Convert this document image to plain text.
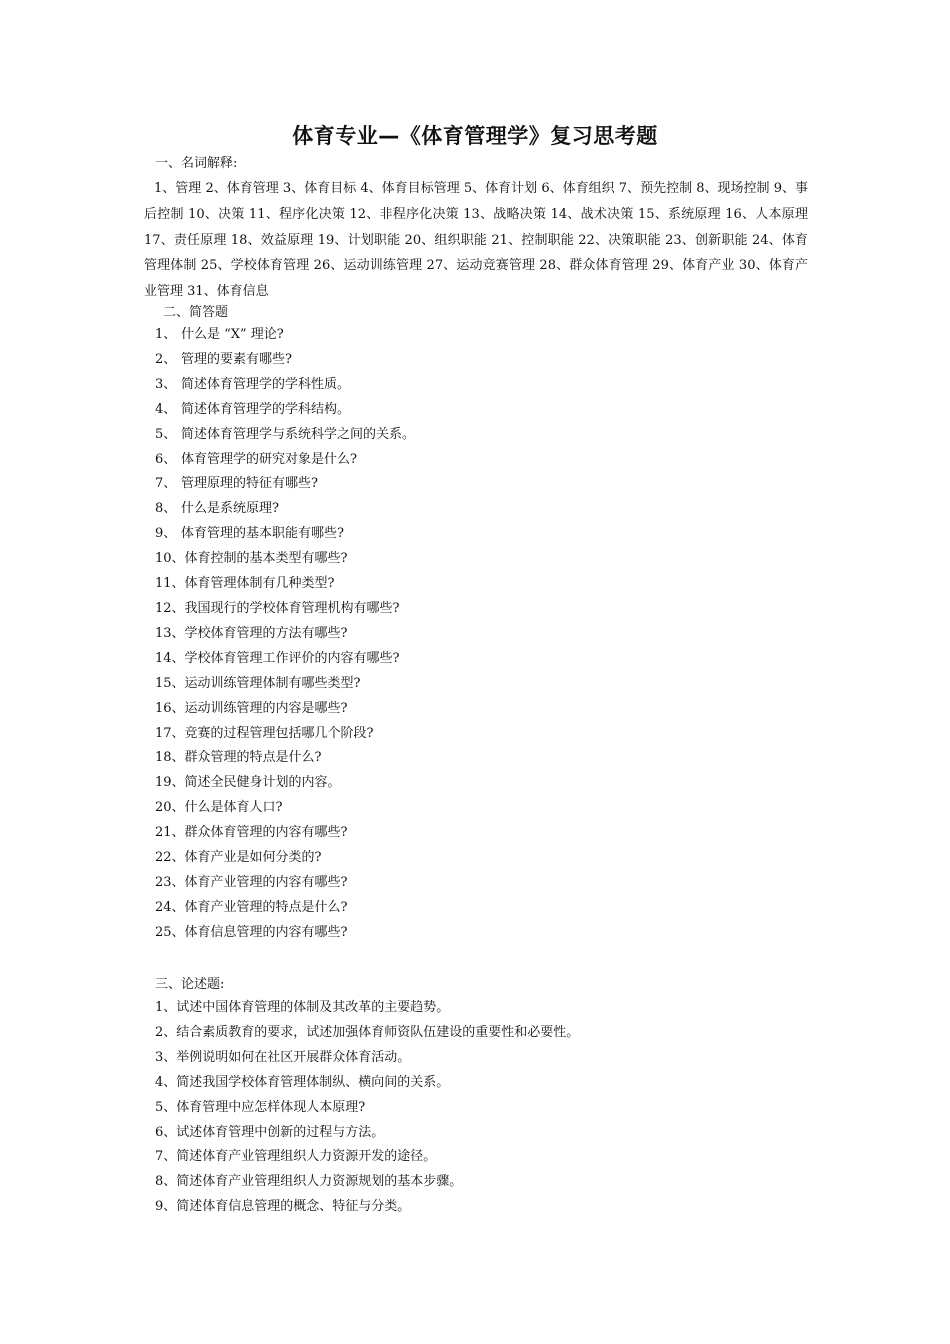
体育专业—《体育管理学》复习思考题
一、名词解释:
1、管理 2、体育管理 3、体育目标 4、体育目标管理 5、体育计划 6、体育组织 7、预先控制 8、现场控制 9、事后控制 10、决策 11、程序化决策 12、非程序化决策 13、战略决策 14、战术决策 15、系统原理 16、人本原理 17、责任原理 18、效益原理 19、计划职能 20、组织职能 21、控制职能 22、决策职能 23、创新职能 24、体育管理体制 25、学校体育管理 26、运动训练管理 27、运动竞赛管理 28、群众体育管理 29、体育产业 30、体育产业管理 31、体育信息
二、简答题
1、 什么是 “X” 理论?
2、 管理的要素有哪些?
3、 简述体育管理学的学科性质。
4、 简述体育管理学的学科结构。
5、 简述体育管理学与系统科学之间的关系。
6、 体育管理学的研究对象是什么?
7、 管理原理的特征有哪些?
8、 什么是系统原理?
9、 体育管理的基本职能有哪些?
10、 体育控制的基本类型有哪些?
11、 体育管理体制有几种类型?
12、 我国现行的学校体育管理机构有哪些?
13、 学校体育管理的方法有哪些?
14、 学校体育管理工作评价的内容有哪些?
15、 运动训练管理体制有哪些类型?
16、 运动训练管理的内容是哪些?
17、 竞赛的过程管理包括哪几个阶段?
18、 群众管理的特点是什么?
19、 简述全民健身计划的内容。
20、 什么是体育人口?
21、 群众体育管理的内容有哪些?
22、 体育产业是如何分类的?
23、 体育产业管理的内容有哪些?
24、 体育产业管理的特点是什么?
25、 体育信息管理的内容有哪些?
三、论述题:
1、试述中国体育管理的体制及其改革的主要趋势。
2、结合素质教育的要求，试述加强体育师资队伍建设的重要性和必要性。
3、举例说明如何在社区开展群众体育活动。
4、简述我国学校体育管理体制纵、横向间的关系。
5、体育管理中应怎样体现人本原理?
6、试述体育管理中创新的过程与方法。
7、简述体育产业管理组织人力资源开发的途径。
8、简述体育产业管理组织人力资源规划的基本步骤。
9、简述体育信息管理的概念、特征与分类。
